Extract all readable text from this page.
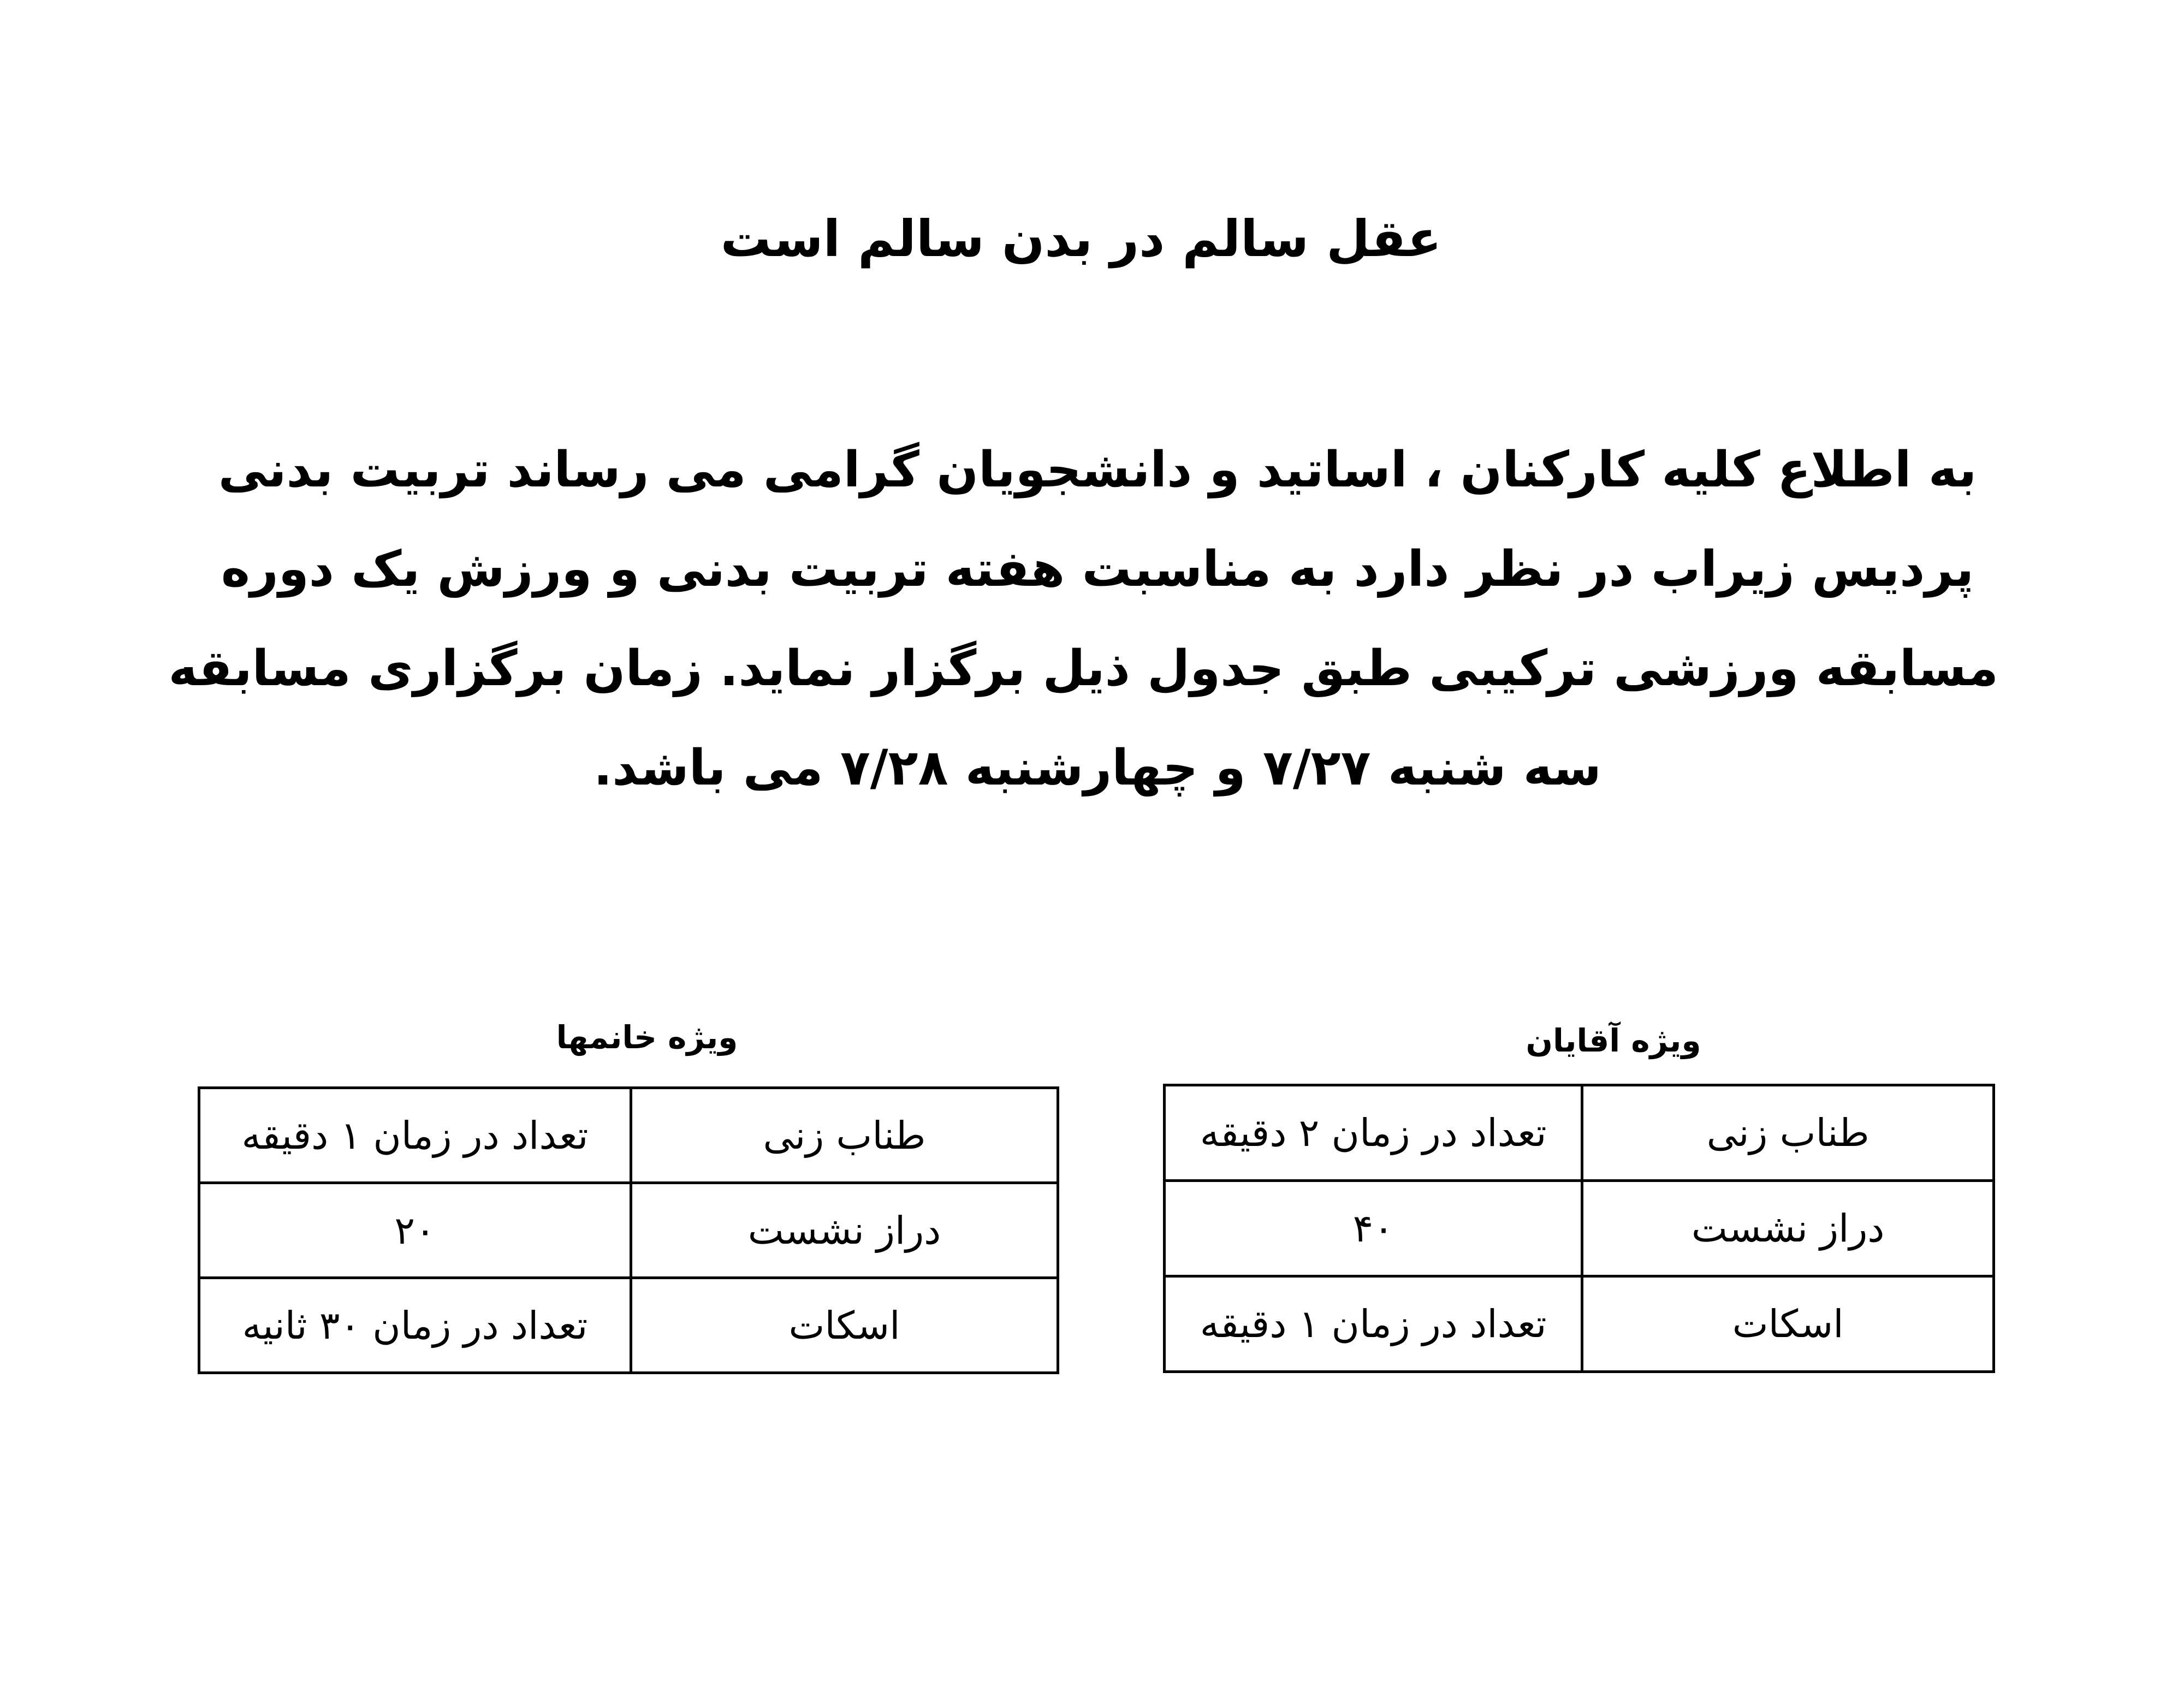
عقل سالم در بدن سالم است
به اطلاع کلیه کارکنان ، اساتید و دانشجویان گرامی می رساند تربیت بدنی
پردیس زیراب در نظر دارد به مناسبت هفته تربیت بدنی و ورزش یک دوره
مسابقه ورزشی ترکیبی طبق جدول ذیل برگزار نماید. زمان برگزاری مسابقه
سه شنبه ۷/۲۷ و چهارشنبه ۷/۲۸ می باشد.
ویژه خانمها	ویژه آقایان
طناب زنی	تعداد در زمان ۱ دقیقه
دراز نشست	۲۰
اسکات	تعداد در زمان ۳۰ ثانیه
طناب زنی	تعداد در زمان ۲ دقیقه
دراز نشست	۴۰
اسکات	تعداد در زمان ۱ دقیقه
